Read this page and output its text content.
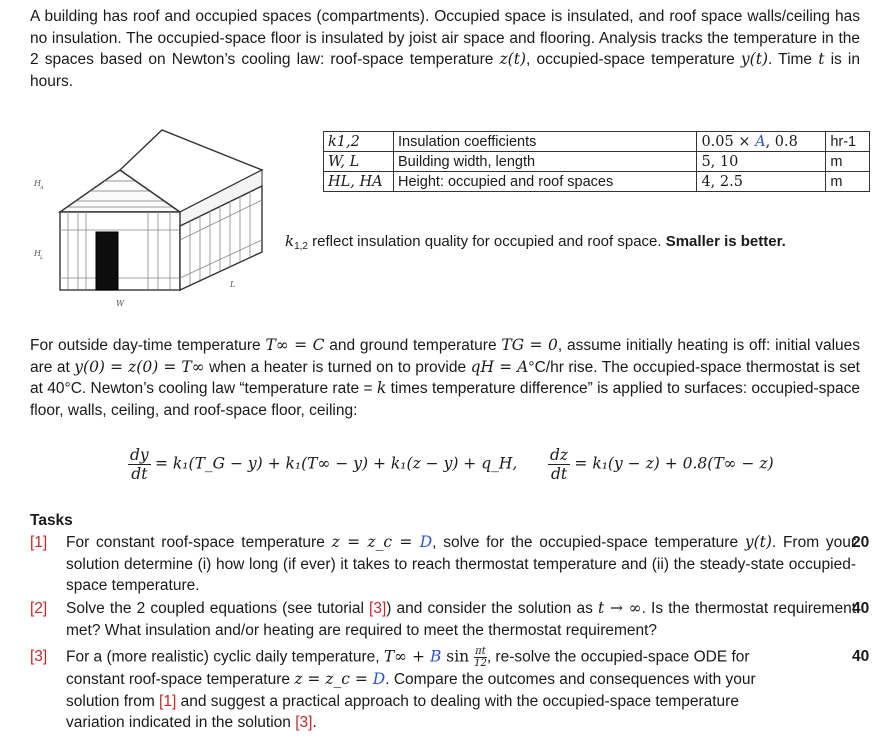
A building has roof and occupied spaces (compartments). Occupied space is insulated, and roof space walls/ceiling has no insulation. The occupied-space floor is insulated by joist air space and flooring. Analysis tracks the temperature in the 2 spaces based on Newton’s cooling law: roof-space temperature z(t), occupied-space temperature y(t). Time t is in hours.
H A
H L
W
L
k1,2	Insulation coefficients	0.05 × A, 0.8	hr-1
W, L	Building width, length	5, 10	m
HL, HA	Height: occupied and roof spaces	4, 2.5	m
$k_{1,2}$ reflect insulation quality for occupied and roof space. Smaller is better.
For outside day-time temperature T∞ = C and ground temperature TG = 0, assume initially heating is off: initial values are at y(0) = z(0) = T∞ when a heater is turned on to provide qH = A°C/hr rise. The occupied-space thermostat is set at 40°C. Newton’s cooling law “temperature rate = k times temperature difference” is applied to surfaces: occupied-space floor, walls, ceiling, and roof-space floor, ceiling:
$\frac{dy}{dt}$ = k₁(T_G − y) + k₁(T∞ − y) + k₁(z − y) + q_H, $\frac{dz}{dt} = k_1(y - z) + 0.8(T\infty - z)$
Tasks
[1] For constant roof-space temperature z = z_c = D, solve for the occupied-space temperature y(t). From your solution determine (i) how long (if ever) it takes to reach thermostat temperature and (ii) the steady-state occupied-space temperature.
20
[2] Solve the 2 coupled equations (see tutorial [3]) and consider the solution as t → ∞. Is the thermostat requirement met? What insulation and/or heating are required to meet the thermostat requirement?
40
[3] For a (more realistic) cyclic daily temperature, T∞ + B $\sin \frac{\pi t}{12}$, re-solve the occupied-space ODE for
constant roof-space temperature z = z_c = D. Compare the outcomes and consequences with your
solution from [1] and suggest a practical approach to dealing with the occupied-space temperature
variation indicated in the solution [3].
40
